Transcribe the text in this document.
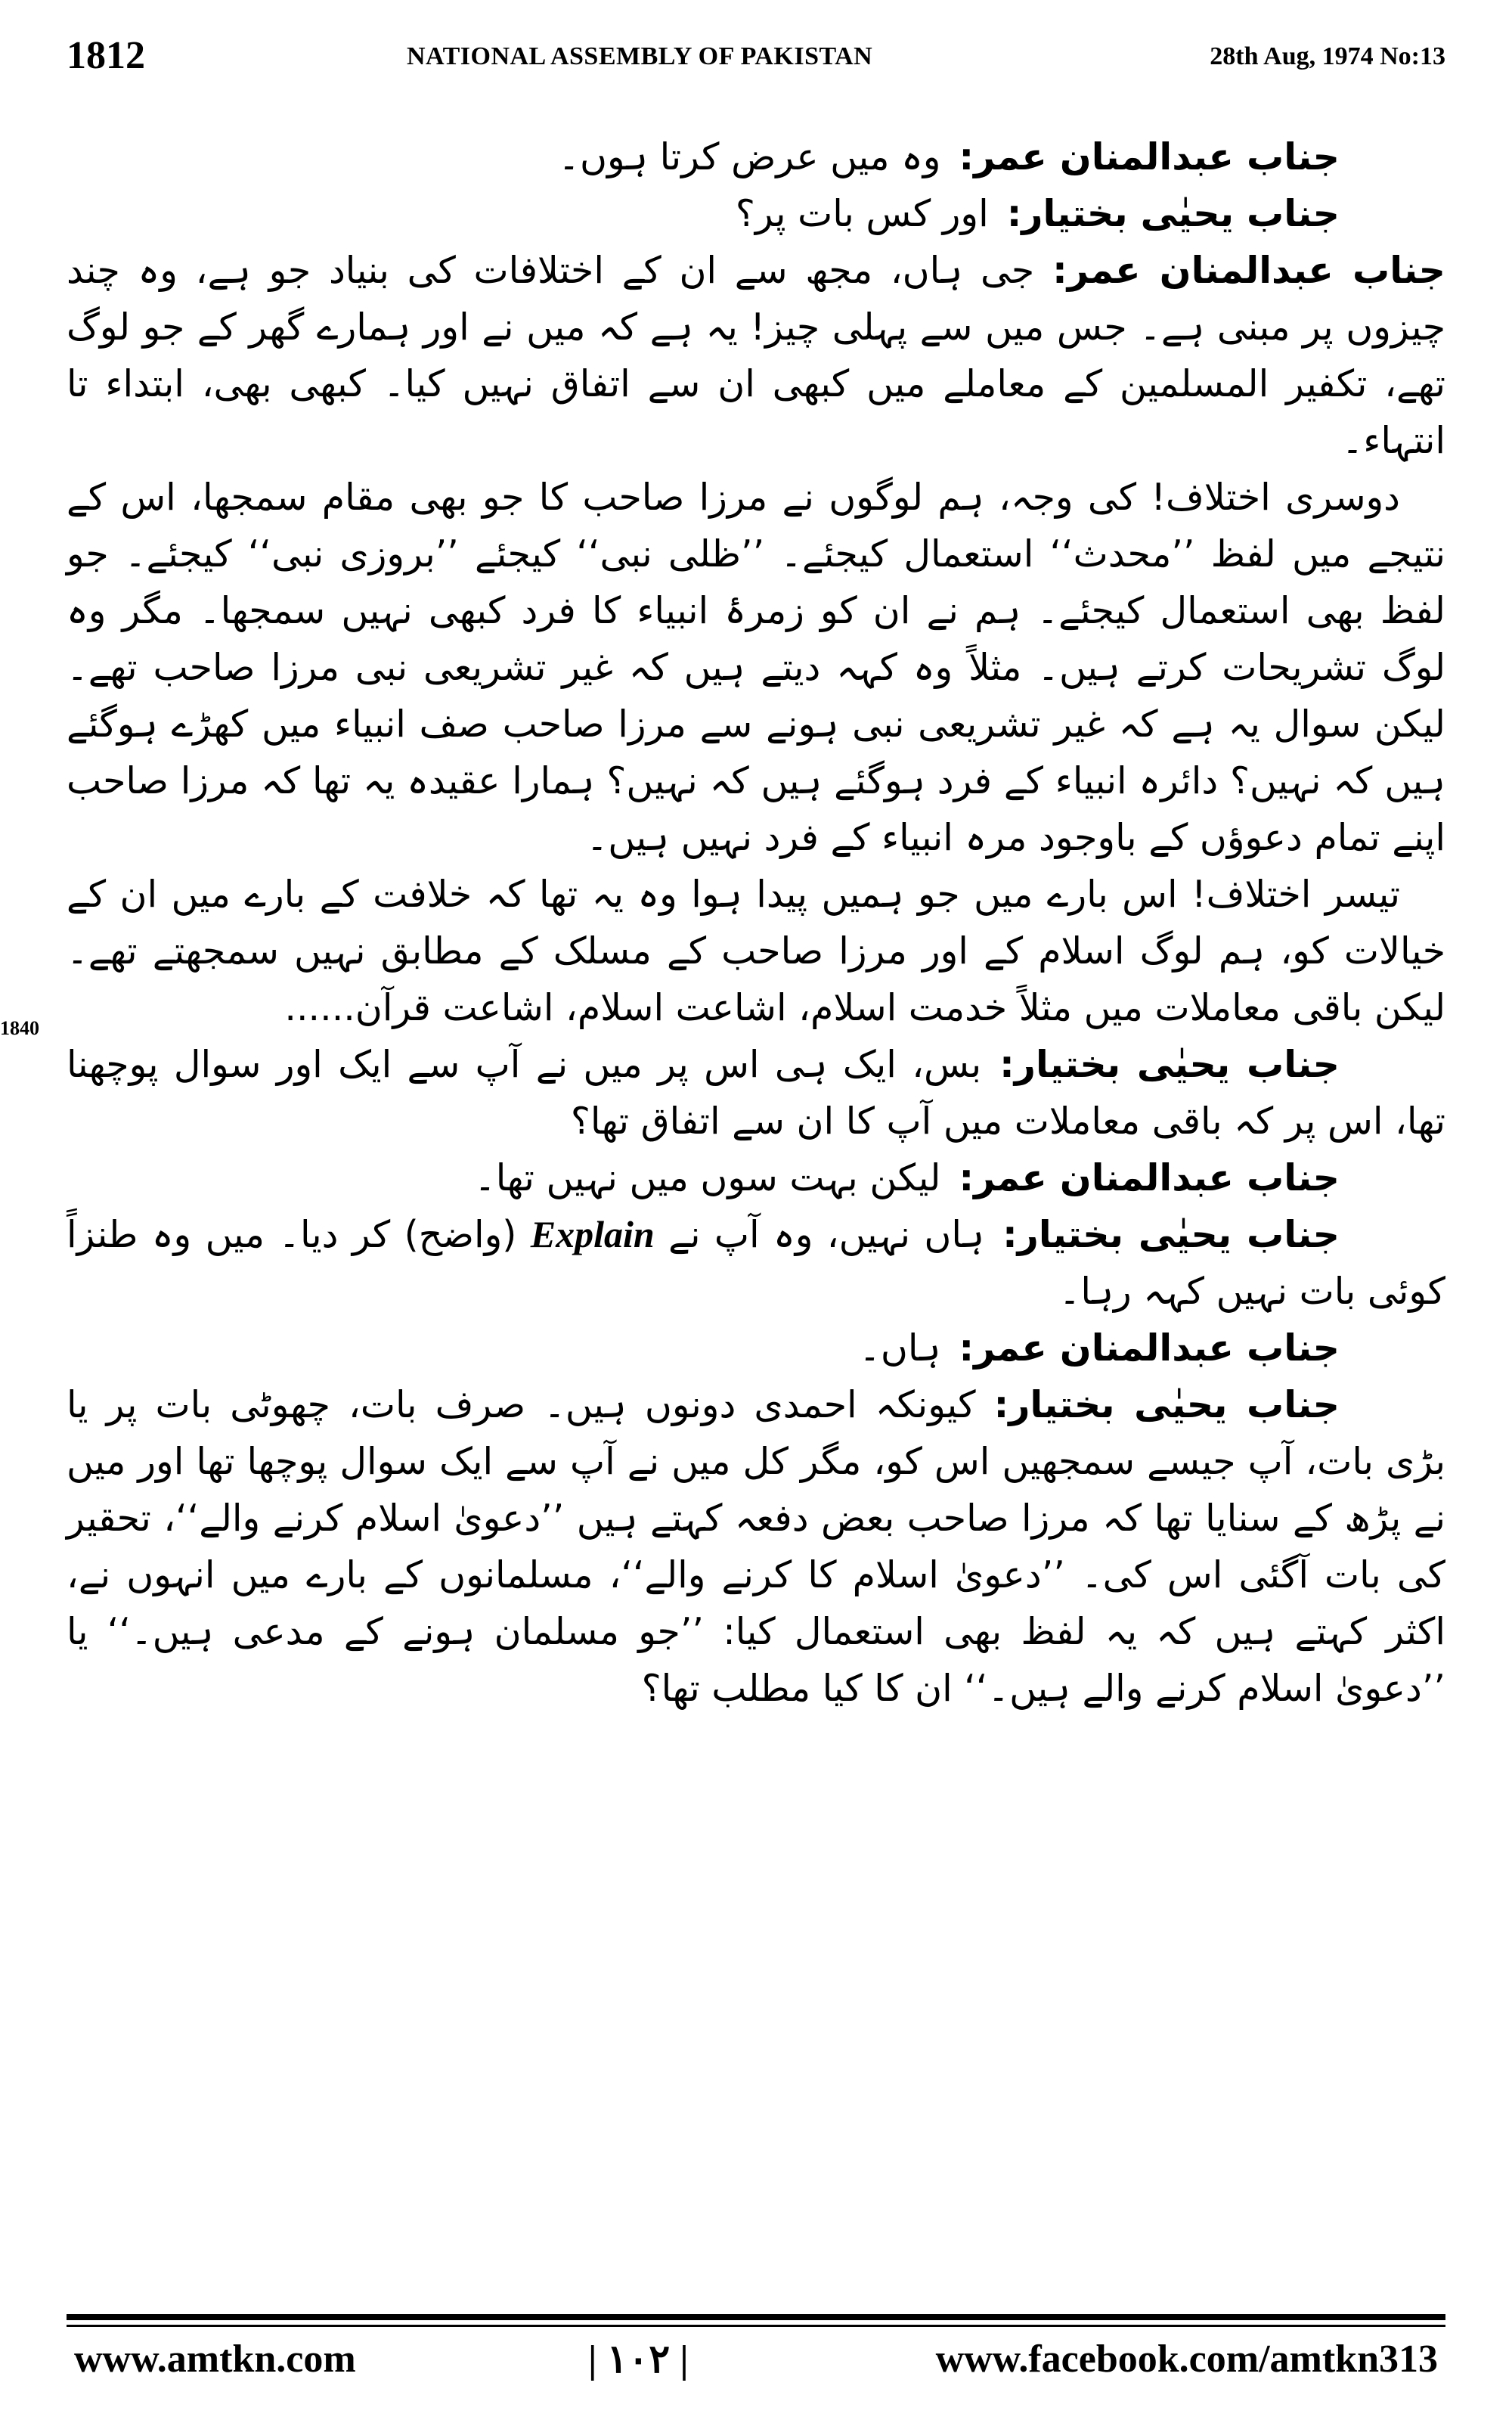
1812	NATIONAL ASSEMBLY OF PAKISTAN	28th Aug, 1974 No:13
1840

جناب عبدالمنان عمر:وہ میں عرض کرتا ہوں۔

جناب یحیٰی بختیار:اور کس بات پر؟

جناب عبدالمنان عمر:جی ہاں، مجھ سے ان کے اختلافات کی بنیاد جو ہے، وہ چند چیزوں پر مبنی ہے۔ جس میں سے پہلی چیز! یہ ہے کہ میں نے اور ہمارے گھر کے جو لوگ تھے، تکفیر المسلمین کے معاملے میں کبھی ان سے اتفاق نہیں کیا۔ کبھی بھی، ابتداء تا انتہاء۔

دوسری اختلاف! کی وجہ، ہم لوگوں نے مرزا صاحب کا جو بھی مقام سمجھا، اس کے نتیجے میں لفظ ’’محدث‘‘ استعمال کیجئے۔ ’’ظلی نبی‘‘ کیجئے ’’بروزی نبی‘‘ کیجئے۔ جو لفظ بھی استعمال کیجئے۔ ہم نے ان کو زمرۂ انبیاء کا فرد کبھی نہیں سمجھا۔ مگر وہ لوگ تشریحات کرتے ہیں۔ مثلاً وہ کہہ دیتے ہیں کہ غیر تشریعی نبی مرزا صاحب تھے۔ لیکن سوال یہ ہے کہ غیر تشریعی نبی ہونے سے مرزا صاحب صف انبیاء میں کھڑے ہوگئے ہیں کہ نہیں؟ دائرہ انبیاء کے فرد ہوگئے ہیں کہ نہیں؟ ہمارا عقیدہ یہ تھا کہ مرزا صاحب اپنے تمام دعوؤں کے باوجود مرہ انبیاء کے فرد نہیں ہیں۔

تیسر اختلاف! اس بارے میں جو ہمیں پیدا ہوا وہ یہ تھا کہ خلافت کے بارے میں ان کے خیالات کو، ہم لوگ اسلام کے اور مرزا صاحب کے مسلک کے مطابق نہیں سمجھتے تھے۔ لیکن باقی معاملات میں مثلاً خدمت اسلام، اشاعت اسلام، اشاعت قرآن......

جناب یحیٰی بختیار:بس، ایک ہی اس پر میں نے آپ سے ایک اور سوال پوچھنا تھا، اس پر کہ باقی معاملات میں آپ کا ان سے اتفاق تھا؟

جناب عبدالمنان عمر:لیکن بہت سوں میں نہیں تھا۔

جناب یحیٰی بختیار:ہاں نہیں، وہ آپ نے Explain (واضح) کر دیا۔ میں وہ طنزاً کوئی بات نہیں کہہ رہا۔

جناب عبدالمنان عمر:ہاں۔

جناب یحیٰی بختیار:کیونکہ احمدی دونوں ہیں۔ صرف بات، چھوٹی بات پر یا بڑی بات، آپ جیسے سمجھیں اس کو، مگر کل میں نے آپ سے ایک سوال پوچھا تھا اور میں نے پڑھ کے سنایا تھا کہ مرزا صاحب بعض دفعہ کہتے ہیں ’’دعویٰ اسلام کرنے والے‘‘، تحقیر کی بات آگئی اس کی۔ ’’دعویٰ اسلام کا کرنے والے‘‘، مسلمانوں کے بارے میں انہوں نے، اکثر کہتے ہیں کہ یہ لفظ بھی استعمال کیا: ’’جو مسلمان ہونے کے مدعی ہیں۔‘‘ یا ’’دعویٰ اسلام کرنے والے ہیں۔‘‘ ان کا کیا مطلب تھا؟

www.amtkn.com	| ۱۰۲ |	www.facebook.com/amtkn313
